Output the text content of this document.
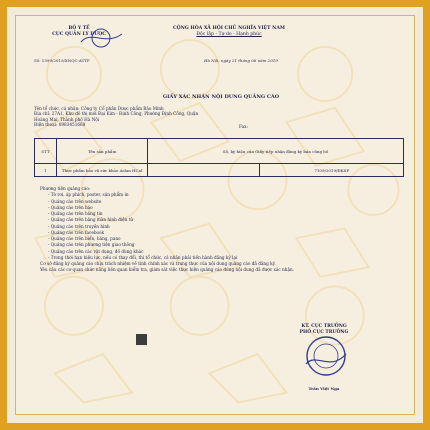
BỘ Y TẾ
CỤC QUẢN LÝ DƯỢC
CỘNG HÒA XÃ HỘI CHỦ NGHĨA VIỆT NAM
Độc lập - Tự do - Hạnh phúc
Số: 1399/2019/XNQC-ATTP	Hà Nội, ngày 21 tháng 06 năm 2019
GIẤY XÁC NHẬN NỘI DUNG QUẢNG CÁO
Tên tổ chức, cá nhân: Công ty Cổ phần Dược phẩm Bảo Minh
Địa chỉ: 27A1, Khu đô thị mới Đại Kim - Định Công, Phường Định Công, Quận
Hoàng Mai, Thành phố Hà Nội
Điện thoại: 0983451668	Fax:
STT	Tên sản phẩm	Số, ký hiệu của Giấy tiếp nhận đăng ký bản công bố	
1	Thực phẩm bảo vệ sức khỏe Aslan HCal		7109/2019/ĐKSP
Phương tiện quảng cáo:
- Tờ rơi, áp phích, poster, sản phẩm in
- Quảng cáo trên website
- Quảng cáo trên báo
- Quảng cáo trên bảng tin
- Quảng cáo trên bảng màn hình điện tử
- Quảng cáo trên truyền hình
- Quảng cáo trên facebook
- Quảng cáo trên biển, bảng, pano
- Quảng cáo trên phương tiện giao thông
- Quảng cáo trên các vật dụng, đồ dùng khác
- Trong thời hạn hiệu lực, nếu có thay đổi, thì tổ chức, cá nhân phải tiến hành đăng ký lại
Cơ sở đăng ký quảng cáo chịu trách nhiệm về tính chính xác và trung thực của nội dung quảng cáo đã đăng ký.
Yêu cầu các cơ quan chức năng liên quan kiểm tra, giám sát việc thực hiện quảng cáo đúng nội dung đã được xác nhận.
KT. CỤC TRƯỞNG
PHÓ CỤC TRƯỞNG
Trần Việt Nga
